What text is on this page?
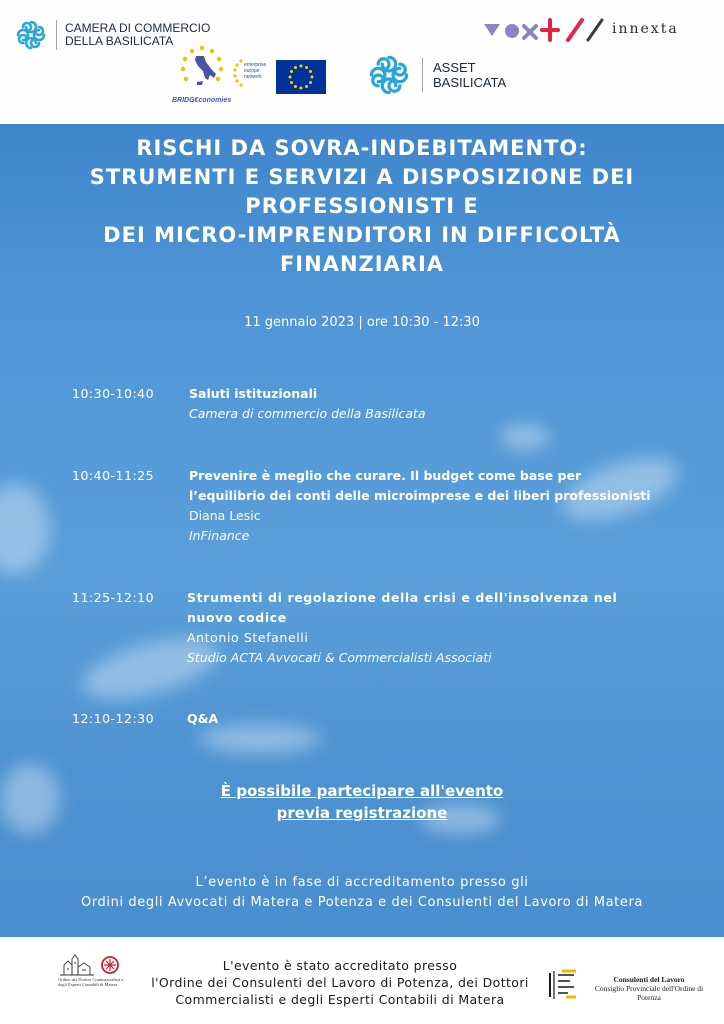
CAMERA DI COMMERCIO
DELLA BASILICATA
BRIDG€conomies
enterprise
europe
network
ASSET
BASILICATA
innexta
RISCHI DA SOVRA-INDEBITAMENTO:
STRUMENTI E SERVIZI A DISPOSIZIONE DEI
PROFESSIONISTI E
DEI MICRO-IMPRENDITORI IN DIFFICOLTÀ
FINANZIARIA
11 gennaio 2023 | ore 10:30 - 12:30
10:30-10:40	Saluti istituzionali
Camera di commercio della Basilicata
10:40-11:25	Prevenire è meglio che curare. Il budget come base per
l’equilibrio dei conti delle microimprese e dei liberi professionisti
Diana Lesic
InFinance
11:25-12:10	Strumenti di regolazione della crisi e dell'insolvenza nel
nuovo codice
Antonio Stefanelli
Studio ACTA Avvocati & Commercialisti Associati
12:10-12:30	Q&A
È possibile partecipare all'evento
previa registrazione
L’evento è in fase di accreditamento presso gli
Ordini degli Avvocati di Matera e Potenza e dei Consulenti del Lavoro di Matera
Ordine dei Dottori Commercialisti e degli Esperti Contabili di Matera
L'evento è stato accreditato presso
l'Ordine dei Consulenti del Lavoro di Potenza, dei Dottori
Commercialisti e degli Esperti Contabili di Matera
Consulenti del Lavoro
Consiglio Provinciale dell'Ordine di
Potenza
